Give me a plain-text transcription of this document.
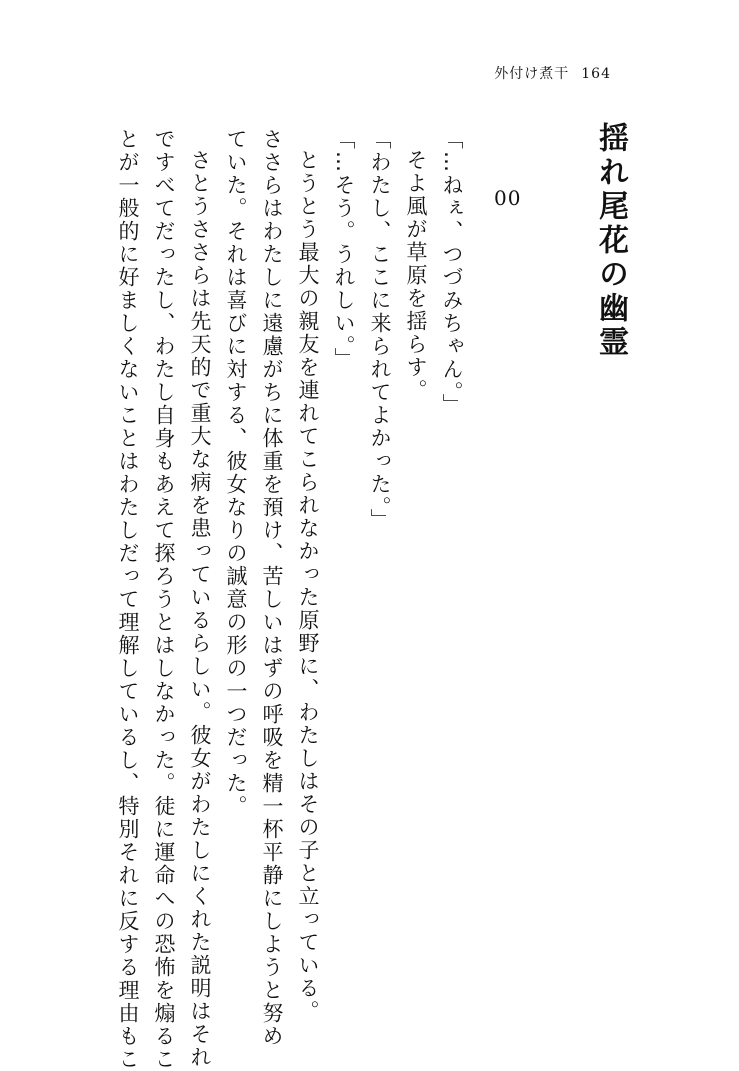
外付け煮干 164
揺れ尾花の幽霊
00

「…ねぇ、つづみちゃん。」

そよ風が草原を揺らす。

「わたし、ここに来られてよかった。」

「…そう。うれしい。」

とうとう最大の親友を連れてこられなかった原野に、わたしはその子と立っている。

ささらはわたしに遠慮がちに体重を預け、苦しいはずの呼吸を精一杯平静にしようと努め

ていた。それは喜びに対する、彼女なりの誠意の形の一つだった。

さとうささらは先天的で重大な病を患っているらしい。彼女がわたしにくれた説明はそれ

ですべてだったし、わたし自身もあえて探ろうとはしなかった。徒に運命への恐怖を煽るこ

とが一般的に好ましくないことはわたしだって理解しているし、特別それに反する理由もこ
